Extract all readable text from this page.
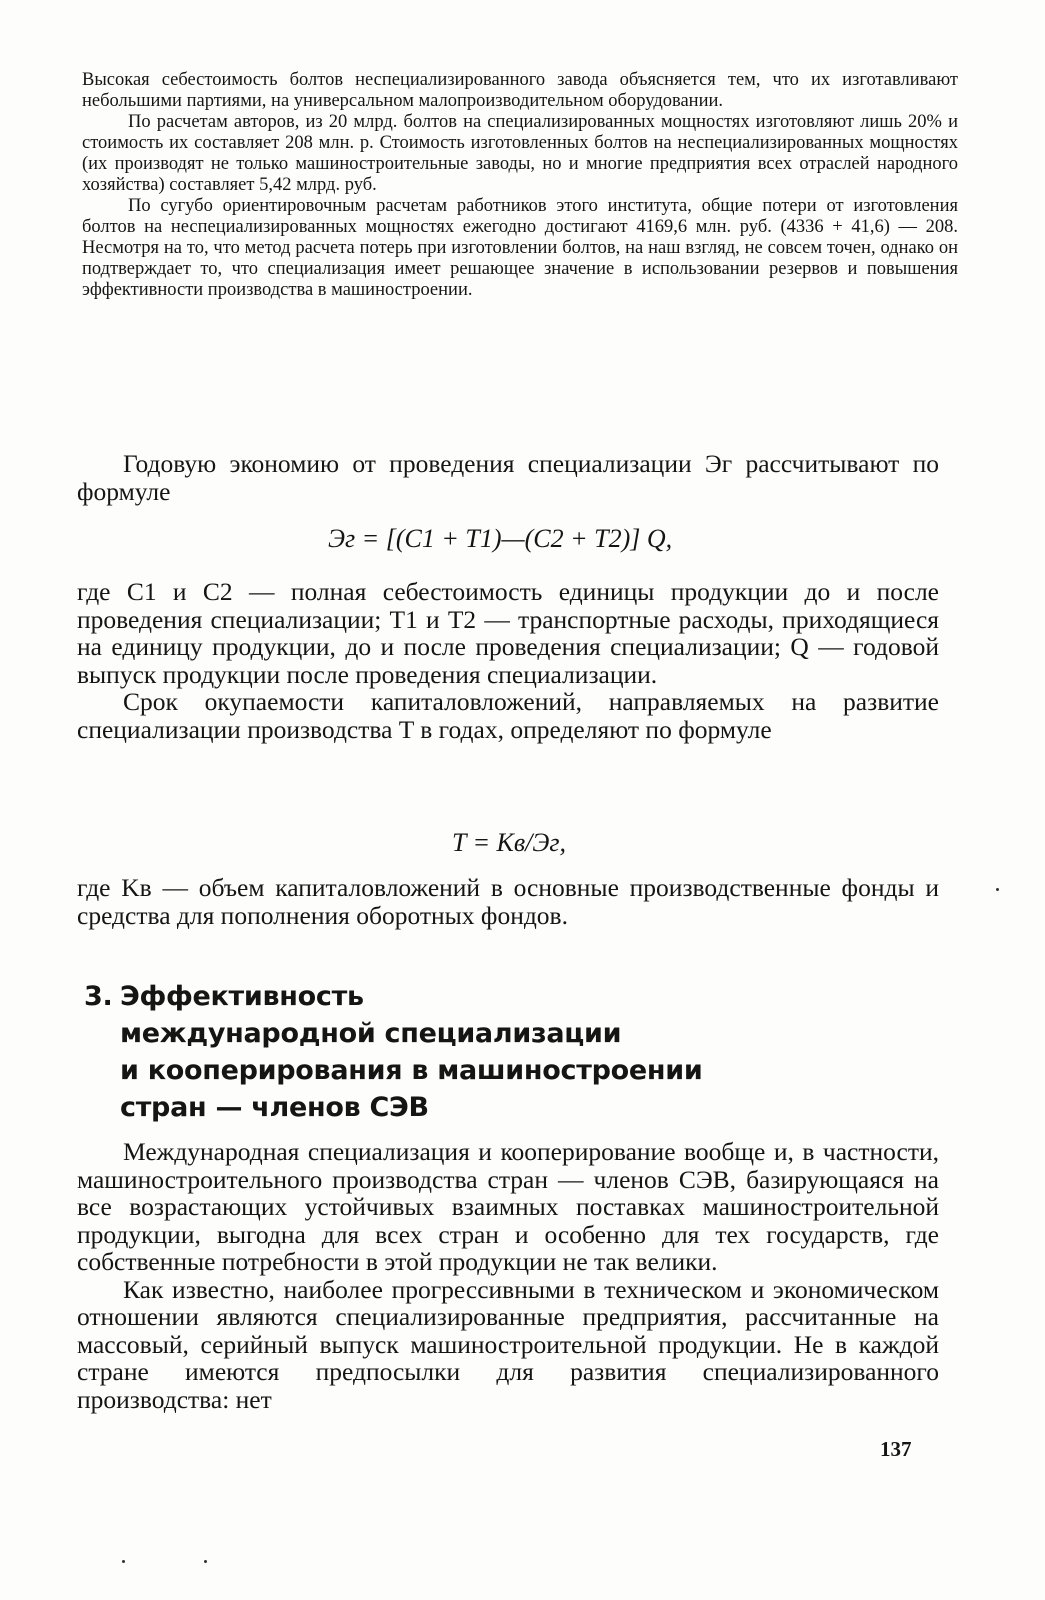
Высокая себестоимость болтов неспециализированного завода объясняется тем, что их изготавливают небольшими партиями, на универсальном малопроизводительном оборудовании.

По расчетам авторов, из 20 млрд. болтов на специализированных мощностях изготовляют лишь 20% и стоимость их составляет 208 млн. р. Стоимость изготовленных болтов на неспециализированных мощностях (их производят не только машиностроительные заводы, но и многие предприятия всех отраслей народного хозяйства) составляет 5,42 млрд. руб.

По сугубо ориентировочным расчетам работников этого института, общие потери от изготовления болтов на неспециализированных мощностях ежегодно достигают 4169,6 млн. руб. (4336 + 41,6) — 208. Несмотря на то, что метод расчета потерь при изготовлении болтов, на наш взгляд, не совсем точен, однако он подтверждает то, что специализация имеет решающее значение в использовании резервов и повышения эффективности производства в машиностроении.

Годовую экономию от проведения специализации Эг рассчитывают по формуле

Эг = [(C1 + T1)—(C2 + T2)] Q,

где C1 и C2 — полная себестоимость единицы продукции до и после проведения специализации; T1 и T2 — транспортные расходы, приходящиеся на единицу продукции, до и после проведения специализации; Q — годовой выпуск продукции после проведения специализации.

Срок окупаемости капиталовложений, направляемых на развитие специализации производства T в годах, определяют по формуле

T = Kв/Эг,

где Kв — объем капиталовложений в основные производственные фонды и средства для пополнения оборотных фондов.

3. Эффективность
международной специализации
и кооперирования в машиностроении
стран — членов СЭВ

Международная специализация и кооперирование вообще и, в частности, машиностроительного производства стран — членов СЭВ, базирующаяся на все возрастающих устойчивых взаимных поставках машиностроительной продукции, выгодна для всех стран и особенно для тех государств, где собственные потребности в этой продукции не так велики.

Как известно, наиболее прогрессивными в техническом и экономическом отношении являются специализированные предприятия, рассчитанные на массовый, серийный выпуск машиностроительной продукции. Не в каждой стране имеются предпосылки для развития специализированного производства: нет

137
